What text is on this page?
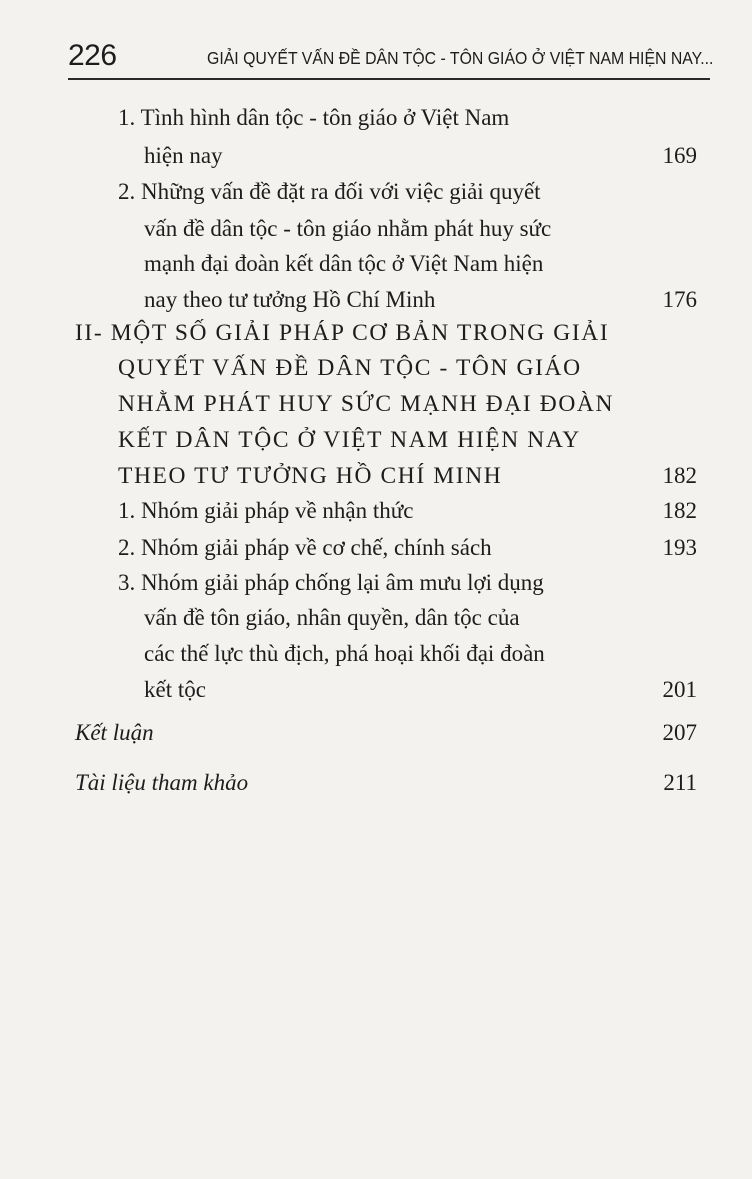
226	GIẢI QUYẾT VẤN ĐỀ DÂN TỘC - TÔN GIÁO Ở VIỆT NAM HIỆN NAY...
1. Tình hình dân tộc - tôn giáo ở Việt Nam
hiện nay	169
2. Những vấn đề đặt ra đối với việc giải quyết
vấn đề dân tộc - tôn giáo nhằm phát huy sức
mạnh đại đoàn kết dân tộc ở Việt Nam hiện
nay theo tư tưởng Hồ Chí Minh	176
II- MỘT SỐ GIẢI PHÁP CƠ BẢN TRONG GIẢI
QUYẾT VẤN ĐỀ DÂN TỘC - TÔN GIÁO
NHẰM PHÁT HUY SỨC MẠNH ĐẠI ĐOÀN
KẾT DÂN TỘC Ở VIỆT NAM HIỆN NAY
THEO TƯ TƯỞNG HỒ CHÍ MINH	182
1. Nhóm giải pháp về nhận thức	182
2. Nhóm giải pháp về cơ chế, chính sách	193
3. Nhóm giải pháp chống lại âm mưu lợi dụng
vấn đề tôn giáo, nhân quyền, dân tộc của
các thế lực thù địch, phá hoại khối đại đoàn
kết tộc	201
Kết luận	207
Tài liệu tham khảo	211
